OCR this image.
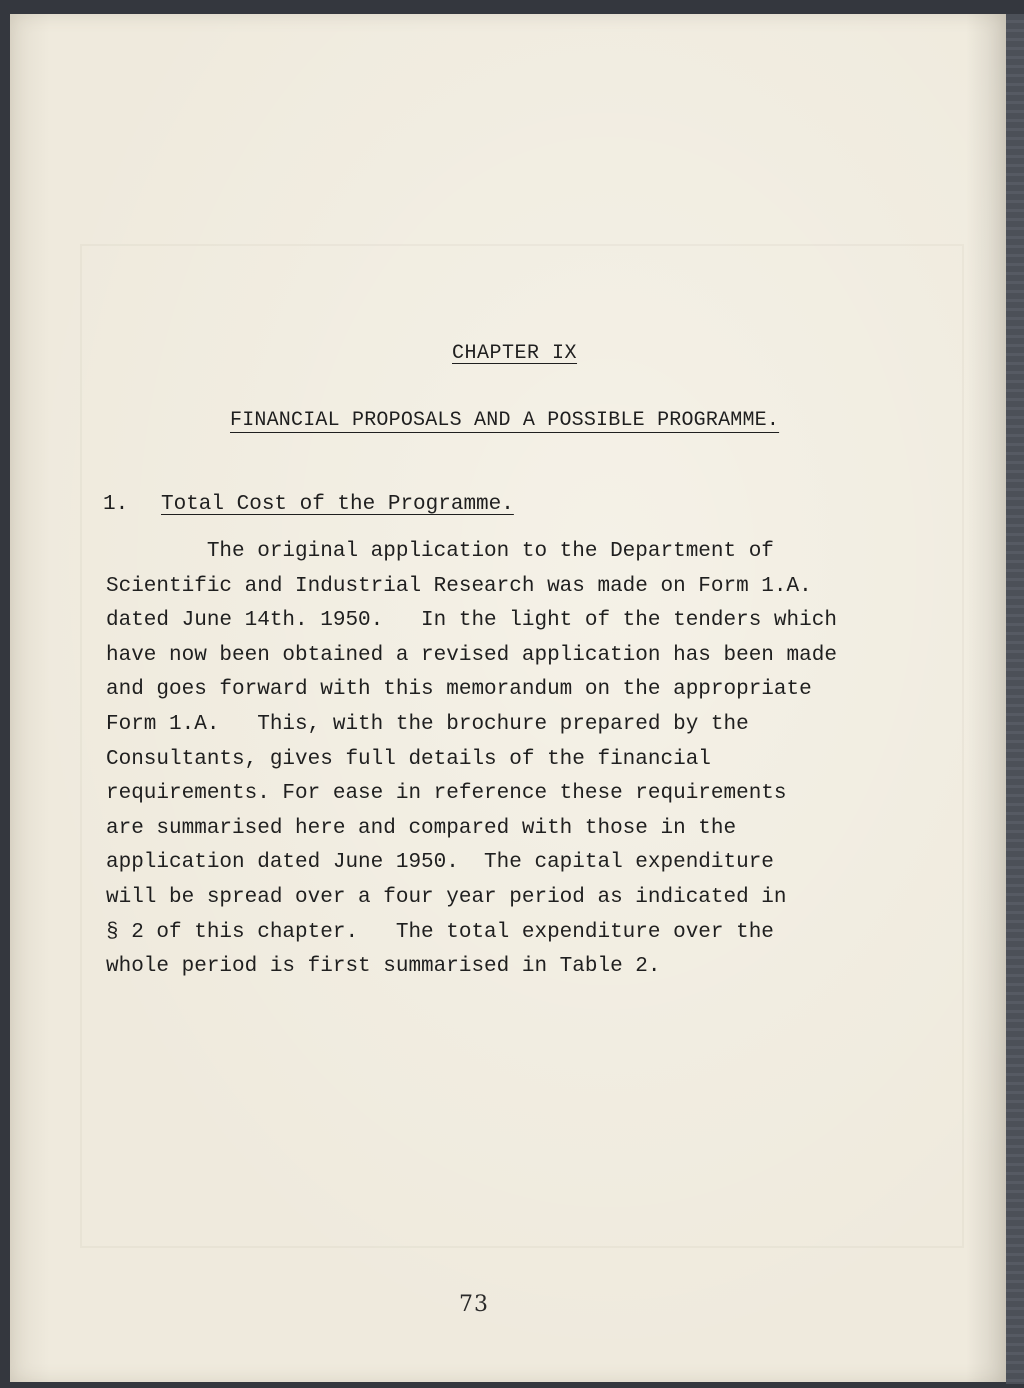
CHAPTER IX
FINANCIAL PROPOSALS AND A POSSIBLE PROGRAMME.
1. Total Cost of the Programme.
The original application to the Department of
Scientific and Industrial Research was made on Form 1.A.
dated June 14th. 1950.   In the light of the tenders which
have now been obtained a revised application has been made
and goes forward with this memorandum on the appropriate
Form 1.A.   This, with the brochure prepared by the
Consultants, gives full details of the financial
requirements. For ease in reference these requirements
are summarised here and compared with those in the
application dated June 1950.  The capital expenditure
will be spread over a four year period as indicated in
§ 2 of this chapter.   The total expenditure over the
whole period is first summarised in Table 2.
73
